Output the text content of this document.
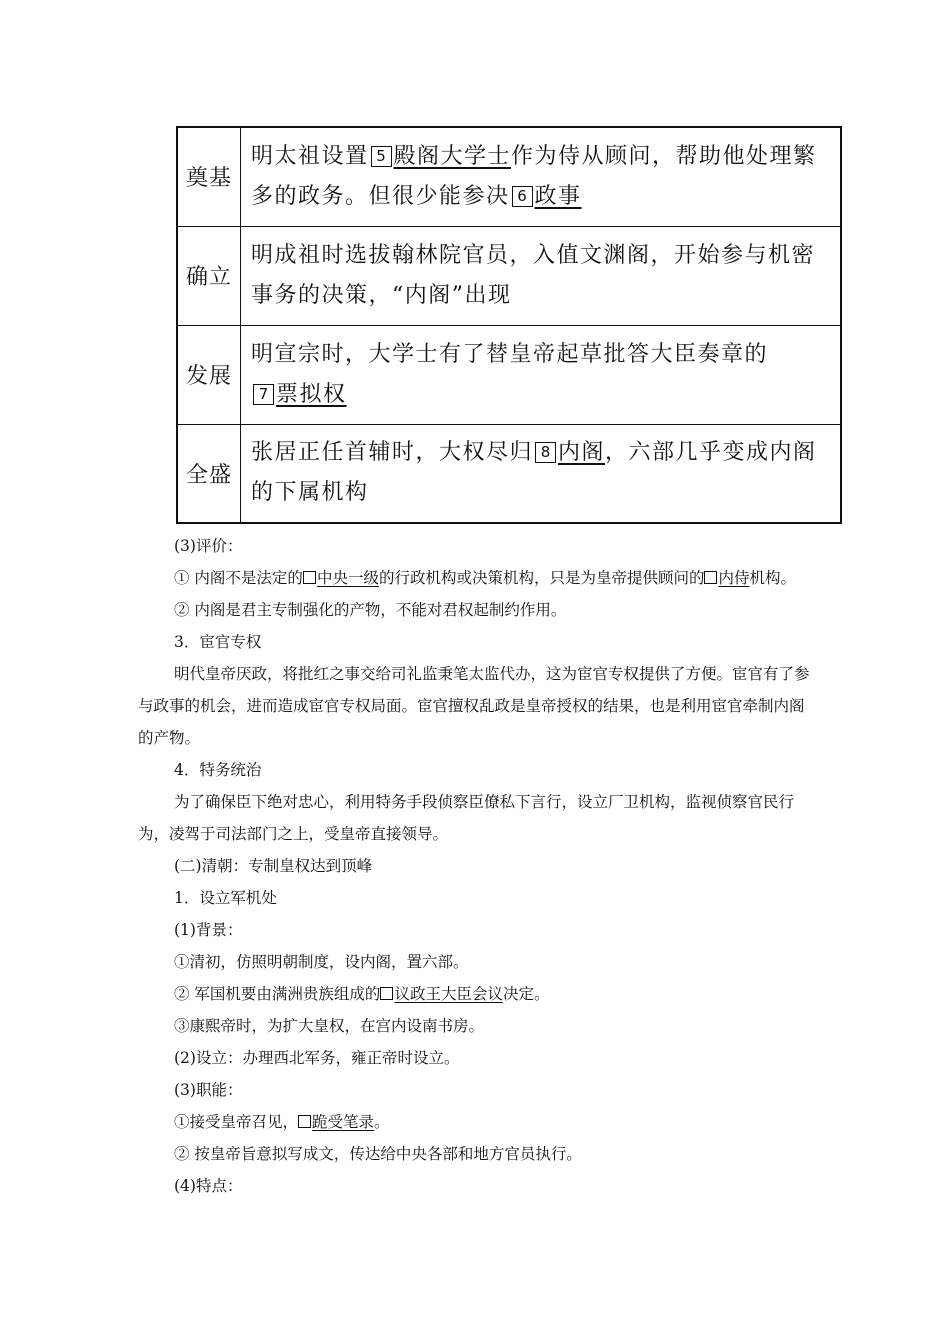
奠基	明太祖设置 5 殿阁大学士作为侍从顾问，帮助他处理繁多的政务。但很少能参决 6 政事
确立	明成祖时选拔翰林院官员，入值文渊阁，开始参与机密事务的决策，“内阁”出现
发展	明宣宗时，大学士有了替皇帝起草批答大臣奏章的
7 票拟权
全盛	张居正任首辅时，大权尽归 8 内阁，六部几乎变成内阁的下属机构

(3)评价：

① 内阁不是法定的 中央一级的行政机构或决策机构，只是为皇帝提供顾问的 内侍机构。

② 内阁是君主专制强化的产物，不能对君权起制约作用。

3．宦官专权

明代皇帝厌政，将批红之事交给司礼监秉笔太监代办，这为宦官专权提供了方便。宦官有了参与政事的机会，进而造成宦官专权局面。宦官擅权乱政是皇帝授权的结果，也是利用宦官牵制内阁的产物。

4．特务统治

为了确保臣下绝对忠心，利用特务手段侦察臣僚私下言行，设立厂卫机构，监视侦察官民行为，凌驾于司法部门之上，受皇帝直接领导。

(二)清朝：专制皇权达到顶峰

1．设立军机处

(1)背景：

①清初，仿照明朝制度，设内阁，置六部。

② 军国机要由满洲贵族组成的 议政王大臣会议决定。

③康熙帝时，为扩大皇权，在宫内设南书房。

(2)设立：办理西北军务，雍正帝时设立。

(3)职能：

①接受皇帝召见， 跪受笔录。

② 按皇帝旨意拟写成文，传达给中央各部和地方官员执行。

(4)特点：
